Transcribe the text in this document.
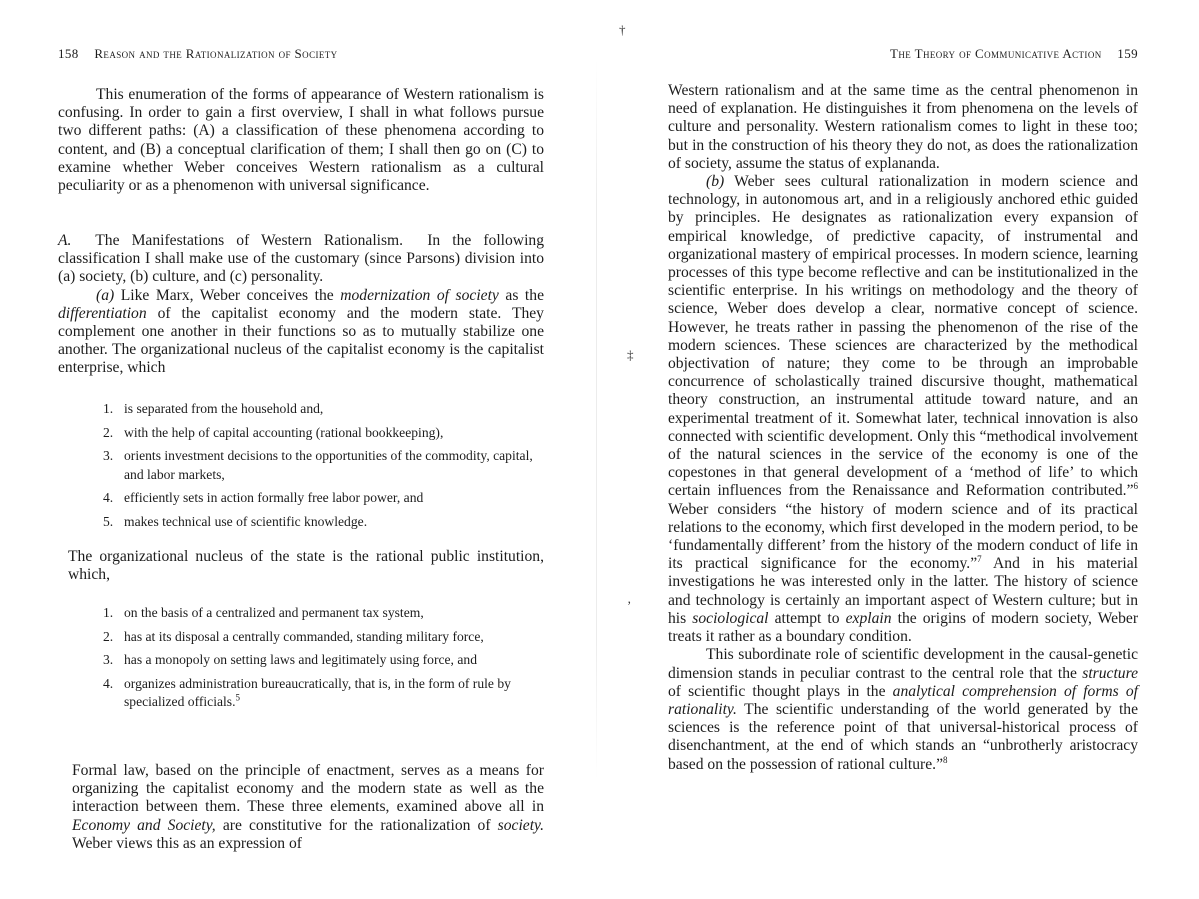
†
‡
’
158 Reason and the Rationalization of Society

This enumeration of the forms of appearance of Western rationalism is confusing. In order to gain a first overview, I shall in what follows pursue two different paths: (A) a classification of these phenomena according to content, and (B) a conceptual clarification of them; I shall then go on (C) to examine whether Weber conceives Western rationalism as a cultural peculiarity or as a phenomenon with universal significance.

A. The Manifestations of Western Rationalism. In the following classification I shall make use of the customary (since Parsons) division into (a) society, (b) culture, and (c) personality.

(a) Like Marx, Weber conceives the modernization of society as the differentiation of the capitalist economy and the modern state. They complement one another in their functions so as to mutually stabilize one another. The organizational nucleus of the capitalist economy is the capitalist enterprise, which

1. is separated from the household and,
2. with the help of capital accounting (rational bookkeeping),
3. orients investment decisions to the opportunities of the commodity, capital, and labor markets,
4. efficiently sets in action formally free labor power, and
5. makes technical use of scientific knowledge.

The organizational nucleus of the state is the rational public institution, which,

1. on the basis of a centralized and permanent tax system,
2. has at its disposal a centrally commanded, standing military force,
3. has a monopoly on setting laws and legitimately using force, and
4. organizes administration bureaucratically, that is, in the form of rule by specialized officials.$^5$

Formal law, based on the principle of enactment, serves as a means for organizing the capitalist economy and the modern state as well as the interaction between them. These three elements, examined above all in Economy and Society, are constitutive for the rationalization of society. Weber views this as an expression of

The Theory of Communicative Action 159

Western rationalism and at the same time as the central phenomenon in need of explanation. He distinguishes it from phenomena on the levels of culture and personality. Western rationalism comes to light in these too; but in the construction of his theory they do not, as does the rationalization of society, assume the status of explananda.

(b) Weber sees cultural rationalization in modern science and technology, in autonomous art, and in a religiously anchored ethic guided by principles. He designates as rationalization every expansion of empirical knowledge, of predictive capacity, of instrumental and organizational mastery of empirical processes. In modern science, learning processes of this type become reflective and can be institutionalized in the scientific enterprise. In his writings on methodology and the theory of science, Weber does develop a clear, normative concept of science. However, he treats rather in passing the phenomenon of the rise of the modern sciences. These sciences are characterized by the methodical objectivation of nature; they come to be through an improbable concurrence of scholastically trained discursive thought, mathematical theory construction, an instrumental attitude toward nature, and an experimental treatment of it. Somewhat later, technical innovation is also connected with scientific development. Only this “methodical involvement of the natural sciences in the service of the economy is one of the copestones in that general development of a ‘method of life’ to which certain influences from the Renaissance and Reformation contributed.”$^6$ Weber considers “the history of modern science and of its practical relations to the economy, which first developed in the modern period, to be ‘fundamentally different’ from the history of the modern conduct of life in its practical significance for the economy.”$^7$ And in his material investigations he was interested only in the latter. The history of science and technology is certainly an important aspect of Western culture; but in his sociological attempt to explain the origins of modern society, Weber treats it rather as a boundary condition.

This subordinate role of scientific development in the causal-genetic dimension stands in peculiar contrast to the central role that the structure of scientific thought plays in the analytical comprehension of forms of rationality. The scientific understanding of the world generated by the sciences is the reference point of that universal-historical process of disenchantment, at the end of which stands an “unbrotherly aristocracy based on the possession of rational culture.”$^8$
